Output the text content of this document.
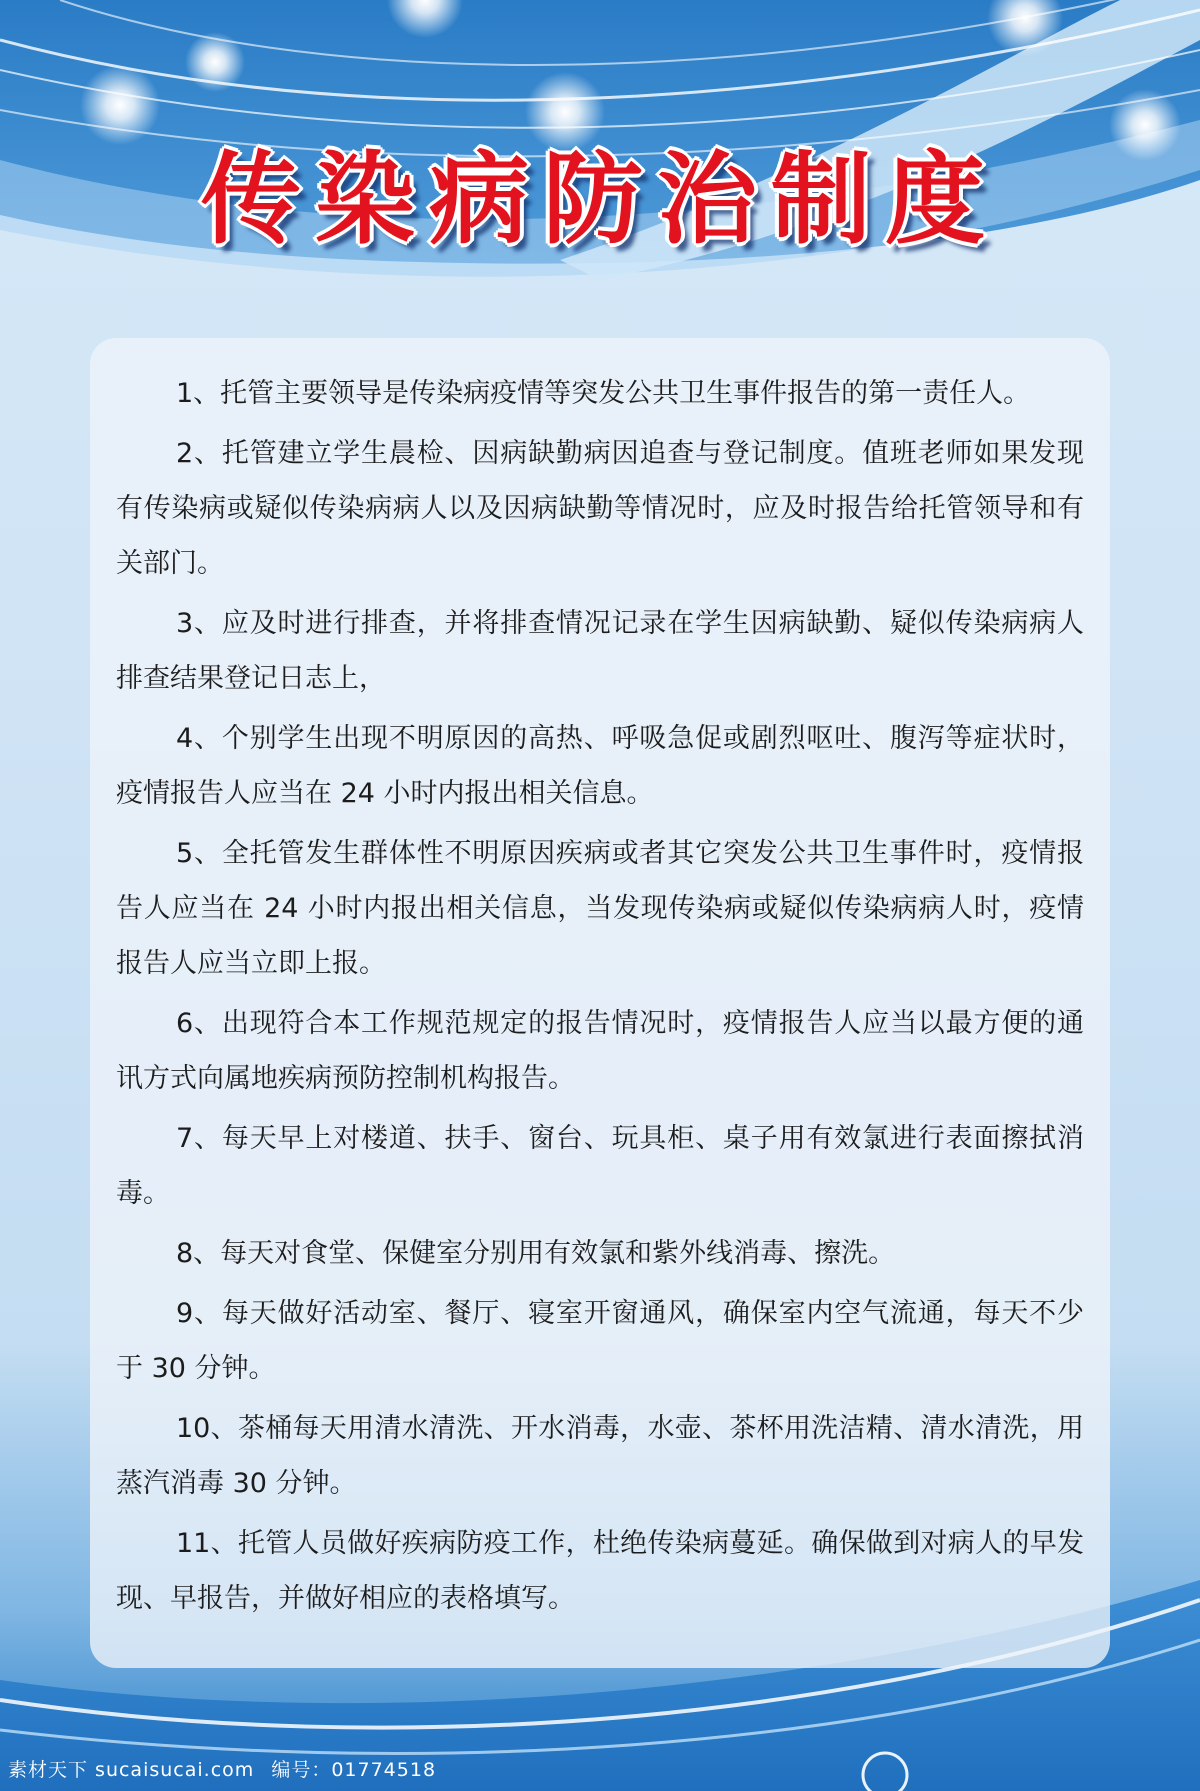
传染病防治制度

1、托管主要领导是传染病疫情等突发公共卫生事件报告的第一责任人。

2、托管建立学生晨检、因病缺勤病因追查与登记制度。值班老师如果发现有传染病或疑似传染病病人以及因病缺勤等情况时，应及时报告给托管领导和有关部门。

3、应及时进行排查，并将排查情况记录在学生因病缺勤、疑似传染病病人排查结果登记日志上，

4、个别学生出现不明原因的高热、呼吸急促或剧烈呕吐、腹泻等症状时，疫情报告人应当在 24 小时内报出相关信息。

5、全托管发生群体性不明原因疾病或者其它突发公共卫生事件时，疫情报告人应当在 24 小时内报出相关信息，当发现传染病或疑似传染病病人时，疫情报告人应当立即上报。

6、出现符合本工作规范规定的报告情况时，疫情报告人应当以最方便的通讯方式向属地疾病预防控制机构报告。

7、每天早上对楼道、扶手、窗台、玩具柜、桌子用有效氯进行表面擦拭消毒。

8、每天对食堂、保健室分别用有效氯和紫外线消毒、擦洗。

9、每天做好活动室、餐厅、寝室开窗通风，确保室内空气流通，每天不少于 30 分钟。

10、茶桶每天用清水清洗、开水消毒，水壶、茶杯用洗洁精、清水清洗，用蒸汽消毒 30 分钟。

11、托管人员做好疾病防疫工作，杜绝传染病蔓延。确保做到对病人的早发现、早报告，并做好相应的表格填写。

素材天下 sucaisucai.com 编号：01774518
